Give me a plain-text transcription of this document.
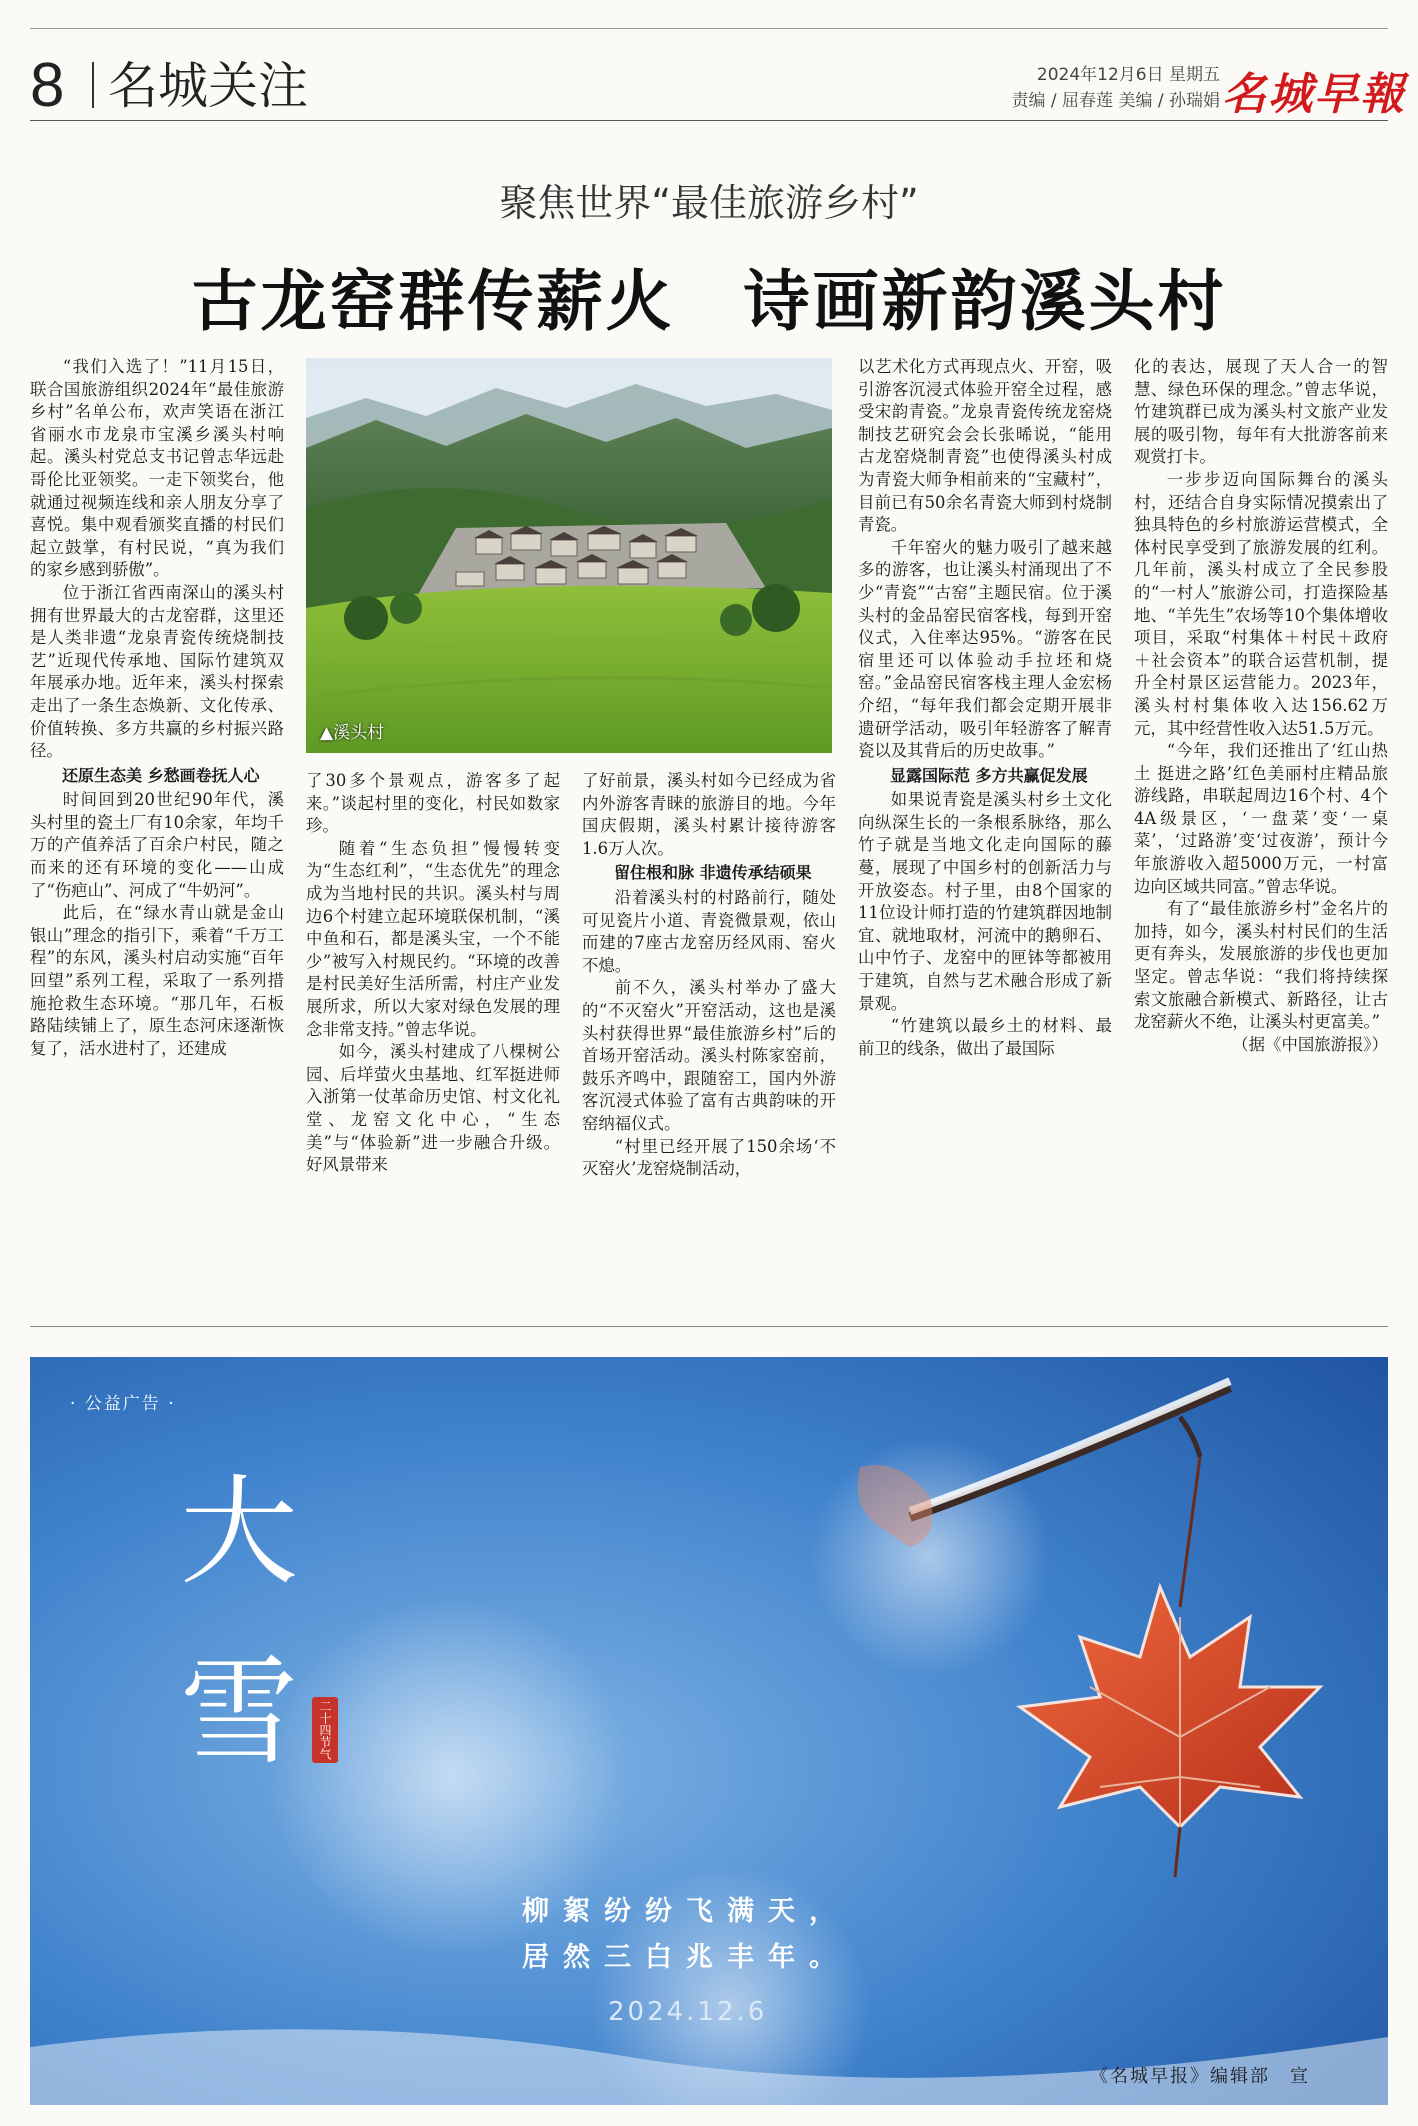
8 名城关注	2024年12月6日 星期五
责编 / 屈春莲 美编 / 孙瑞娟 名城早報
聚焦世界“最佳旅游乡村”
古龙窑群传薪火　诗画新韵溪头村

“我们入选了！”11月15日，联合国旅游组织2024年“最佳旅游乡村”名单公布，欢声笑语在浙江省丽水市龙泉市宝溪乡溪头村响起。溪头村党总支书记曾志华远赴哥伦比亚领奖。一走下领奖台，他就通过视频连线和亲人朋友分享了喜悦。集中观看颁奖直播的村民们起立鼓掌，有村民说，“真为我们的家乡感到骄傲”。

位于浙江省西南深山的溪头村拥有世界最大的古龙窑群，这里还是人类非遗“龙泉青瓷传统烧制技艺”近现代传承地、国际竹建筑双年展承办地。近年来，溪头村探索走出了一条生态焕新、文化传承、价值转换、多方共赢的乡村振兴路径。

还原生态美 乡愁画卷抚人心

时间回到20世纪90年代，溪头村里的瓷土厂有10余家，年均千万的产值养活了百余户村民，随之而来的还有环境的变化——山成了“伤疤山”、河成了“牛奶河”。

此后，在“绿水青山就是金山银山”理念的指引下，乘着“千万工程”的东风，溪头村启动实施“百年回望”系列工程，采取了一系列措施抢救生态环境。“那几年，石板路陆续铺上了，原生态河床逐渐恢复了，活水进村了，还建成

▲溪头村

了30多个景观点，游客多了起来。”谈起村里的变化，村民如数家珍。

随着“生态负担”慢慢转变为“生态红利”，“生态优先”的理念成为当地村民的共识。溪头村与周边6个村建立起环境联保机制，“溪中鱼和石，都是溪头宝，一个不能少”被写入村规民约。“环境的改善是村民美好生活所需，村庄产业发展所求，所以大家对绿色发展的理念非常支持。”曾志华说。

如今，溪头村建成了八棵树公园、后垟萤火虫基地、红军挺进师入浙第一仗革命历史馆、村文化礼堂、龙窑文化中心，“生态美”与“体验新”进一步融合升级。好风景带来

了好前景，溪头村如今已经成为省内外游客青睐的旅游目的地。今年国庆假期，溪头村累计接待游客1.6万人次。

留住根和脉 非遗传承结硕果

沿着溪头村的村路前行，随处可见瓷片小道、青瓷微景观，依山而建的7座古龙窑历经风雨、窑火不熄。

前不久，溪头村举办了盛大的“不灭窑火”开窑活动，这也是溪头村获得世界“最佳旅游乡村”后的首场开窑活动。溪头村陈家窑前，鼓乐齐鸣中，跟随窑工，国内外游客沉浸式体验了富有古典韵味的开窑纳福仪式。

“村里已经开展了150余场‘不灭窑火’龙窑烧制活动，

以艺术化方式再现点火、开窑，吸引游客沉浸式体验开窑全过程，感受宋韵青瓷。”龙泉青瓷传统龙窑烧制技艺研究会会长张晞说，“能用古龙窑烧制青瓷”也使得溪头村成为青瓷大师争相前来的“宝藏村”，目前已有50余名青瓷大师到村烧制青瓷。

千年窑火的魅力吸引了越来越多的游客，也让溪头村涌现出了不少“青瓷”“古窑”主题民宿。位于溪头村的金品窑民宿客栈，每到开窑仪式，入住率达95%。“游客在民宿里还可以体验动手拉坯和烧窑。”金品窑民宿客栈主理人金宏杨介绍，“每年我们都会定期开展非遗研学活动，吸引年轻游客了解青瓷以及其背后的历史故事。”

显露国际范 多方共赢促发展

如果说青瓷是溪头村乡土文化向纵深生长的一条根系脉络，那么竹子就是当地文化走向国际的藤蔓，展现了中国乡村的创新活力与开放姿态。村子里，由8个国家的11位设计师打造的竹建筑群因地制宜、就地取材，河流中的鹅卵石、山中竹子、龙窑中的匣钵等都被用于建筑，自然与艺术融合形成了新景观。

“竹建筑以最乡土的材料、最前卫的线条，做出了最国际

化的表达，展现了天人合一的智慧、绿色环保的理念。”曾志华说，竹建筑群已成为溪头村文旅产业发展的吸引物，每年有大批游客前来观赏打卡。

一步步迈向国际舞台的溪头村，还结合自身实际情况摸索出了独具特色的乡村旅游运营模式，全体村民享受到了旅游发展的红利。几年前，溪头村成立了全民参股的“一村人”旅游公司，打造探险基地、“羊先生”农场等10个集体增收项目，采取“村集体＋村民＋政府＋社会资本”的联合运营机制，提升全村景区运营能力。2023年，溪头村村集体收入达156.62万元，其中经营性收入达51.5万元。

“今年，我们还推出了‘红山热土 挺进之路’红色美丽村庄精品旅游线路，串联起周边16个村、4个4A级景区，‘一盘菜’变‘一桌菜’，‘过路游’变‘过夜游’，预计今年旅游收入超5000万元，一村富边向区域共同富。”曾志华说。

有了“最佳旅游乡村”金名片的加持，如今，溪头村村民们的生活更有奔头，发展旅游的步伐也更加坚定。曾志华说：“我们将持续探索文旅融合新模式、新路径，让古龙窑薪火不绝，让溪头村更富美。”

（据《中国旅游报》）

· 公益广告 ·
大
雪	二十四节气
柳絮纷纷飞满天，
居然三白兆丰年。
2024.12.6
《名城早报》编辑部　宣
